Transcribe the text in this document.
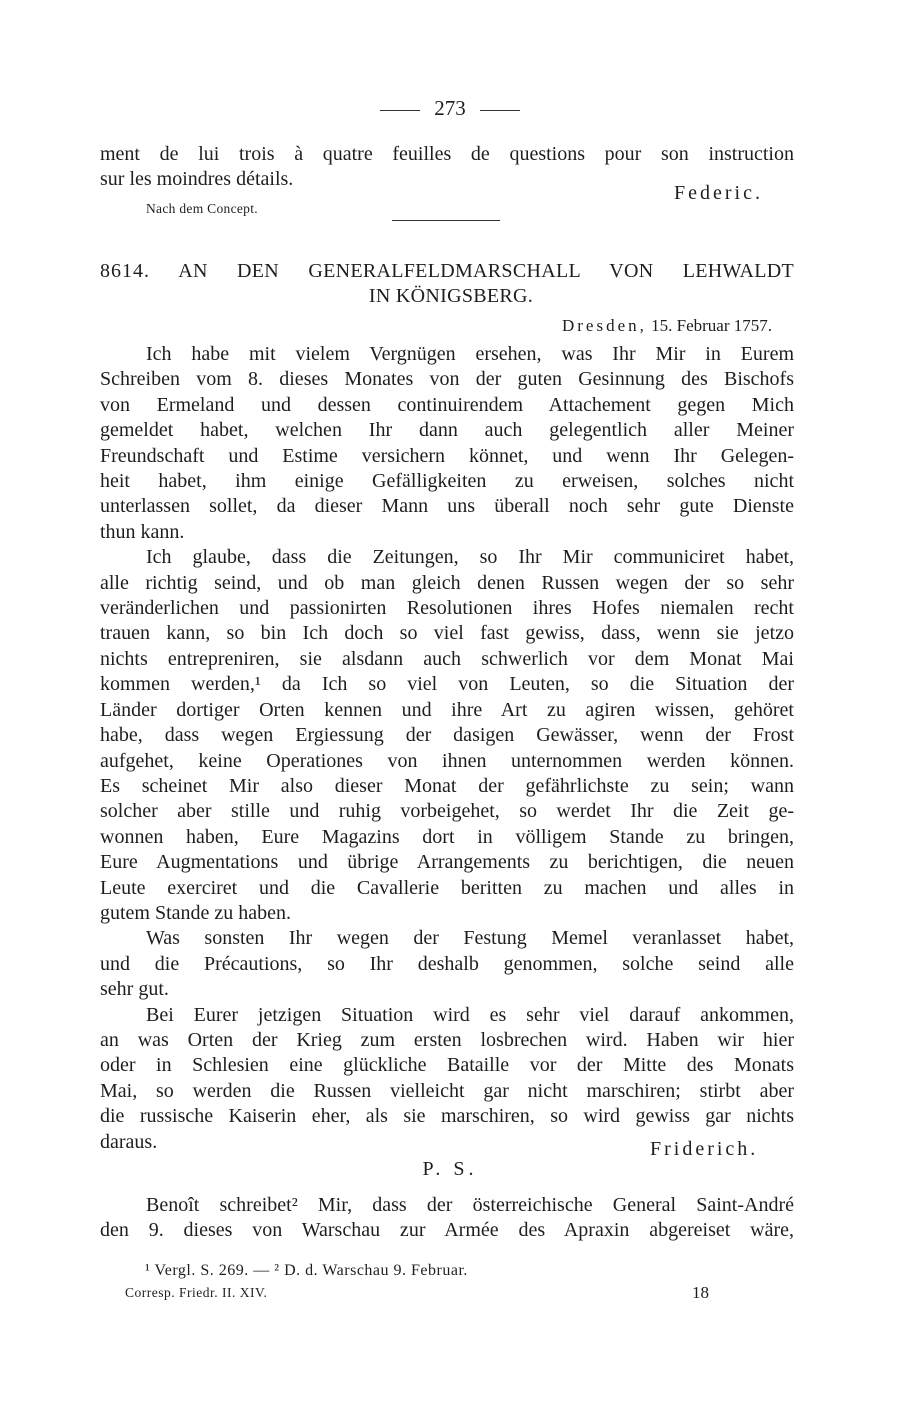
273
ment de lui trois à quatre feuilles de questions pour son instruction
sur les moindres détails.
Federic.
Nach dem Concept.
8614. AN DEN GENERALFELDMARSCHALL VON LEHWALDT
IN KÖNIGSBERG.
Dresden, 15. Februar 1757.
Ich habe mit vielem Vergnügen ersehen, was Ihr Mir in Eurem
Schreiben vom 8. dieses Monates von der guten Gesinnung des Bischofs
von Ermeland und dessen continuirendem Attachement gegen Mich
gemeldet habet, welchen Ihr dann auch gelegentlich aller Meiner
Freundschaft und Estime versichern könnet, und wenn Ihr Gelegen-
heit habet, ihm einige Gefälligkeiten zu erweisen, solches nicht
unterlassen sollet, da dieser Mann uns überall noch sehr gute Dienste
thun kann.
Ich glaube, dass die Zeitungen, so Ihr Mir communiciret habet,
alle richtig seind, und ob man gleich denen Russen wegen der so sehr
veränderlichen und passionirten Resolutionen ihres Hofes niemalen recht
trauen kann, so bin Ich doch so viel fast gewiss, dass, wenn sie jetzo
nichts entrepreniren, sie alsdann auch schwerlich vor dem Monat Mai
kommen werden,¹ da Ich so viel von Leuten, so die Situation der
Länder dortiger Orten kennen und ihre Art zu agiren wissen, gehöret
habe, dass wegen Ergiessung der dasigen Gewässer, wenn der Frost
aufgehet, keine Operationes von ihnen unternommen werden können.
Es scheinet Mir also dieser Monat der gefährlichste zu sein; wann
solcher aber stille und ruhig vorbeigehet, so werdet Ihr die Zeit ge-
wonnen haben, Eure Magazins dort in völligem Stande zu bringen,
Eure Augmentations und übrige Arrangements zu berichtigen, die neuen
Leute exerciret und die Cavallerie beritten zu machen und alles in
gutem Stande zu haben.
Was sonsten Ihr wegen der Festung Memel veranlasset habet,
und die Précautions, so Ihr deshalb genommen, solche seind alle
sehr gut.
Bei Eurer jetzigen Situation wird es sehr viel darauf ankommen,
an was Orten der Krieg zum ersten losbrechen wird. Haben wir hier
oder in Schlesien eine glückliche Bataille vor der Mitte des Monats
Mai, so werden die Russen vielleicht gar nicht marschiren; stirbt aber
die russische Kaiserin eher, als sie marschiren, so wird gewiss gar nichts
daraus.	Friderich.
P. S.
Benoît schreibet² Mir, dass der österreichische General Saint-André
den 9. dieses von Warschau zur Armée des Apraxin abgereiset wäre,
¹ Vergl. S. 269. — ² D. d. Warschau 9. Februar.
Corresp. Friedr. II. XIV.	18
